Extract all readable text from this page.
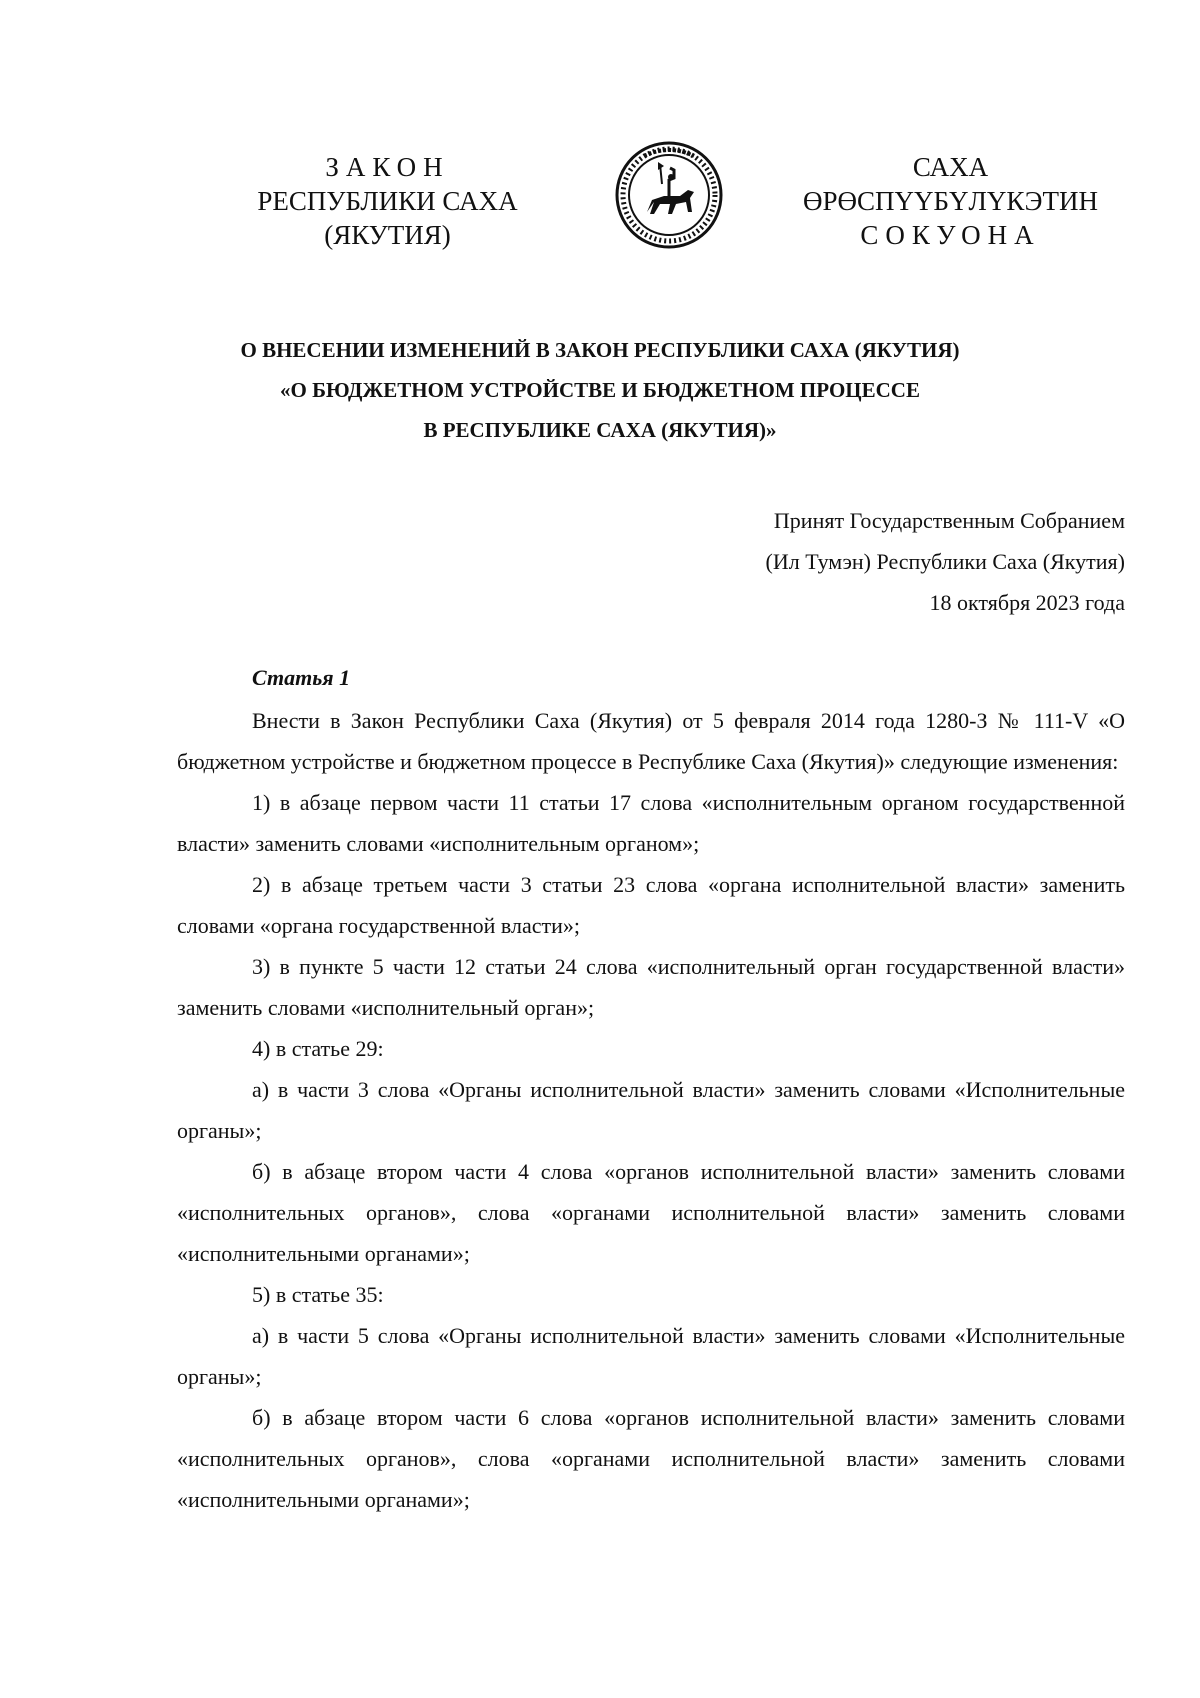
ЗАКОН
РЕСПУБЛИКИ САХА (ЯКУТИЯ)
САХА ӨРӨСПҮҮБҮЛҮКЭТИН
СОКУОНА
О ВНЕСЕНИИ ИЗМЕНЕНИЙ В ЗАКОН РЕСПУБЛИКИ САХА (ЯКУТИЯ)
«О БЮДЖЕТНОМ УСТРОЙСТВЕ И БЮДЖЕТНОМ ПРОЦЕССЕ
В РЕСПУБЛИКЕ САХА (ЯКУТИЯ)»
Принят Государственным Собранием
(Ил Тумэн) Республики Саха (Якутия)
18 октября 2023 года
Статья 1

Внести в Закон Республики Саха (Якутия) от 5 февраля 2014 года 1280-З № 111-V «О бюджетном устройстве и бюджетном процессе в Республике Саха (Якутия)» следующие изменения:

1) в абзаце первом части 11 статьи 17 слова «исполнительным органом государственной власти» заменить словами «исполнительным органом»;

2) в абзаце третьем части 3 статьи 23 слова «органа исполнительной власти» заменить словами «органа государственной власти»;

3) в пункте 5 части 12 статьи 24 слова «исполнительный орган государственной власти» заменить словами «исполнительный орган»;

4) в статье 29:

а) в части 3 слова «Органы исполнительной власти» заменить словами «Исполнительные органы»;

б) в абзаце втором части 4 слова «органов исполнительной власти» заменить словами «исполнительных органов», слова «органами исполнительной власти» заменить словами «исполнительными органами»;

5) в статье 35:

а) в части 5 слова «Органы исполнительной власти» заменить словами «Исполнительные органы»;

б) в абзаце втором части 6 слова «органов исполнительной власти» заменить словами «исполнительных органов», слова «органами исполнительной власти» заменить словами «исполнительными органами»;
